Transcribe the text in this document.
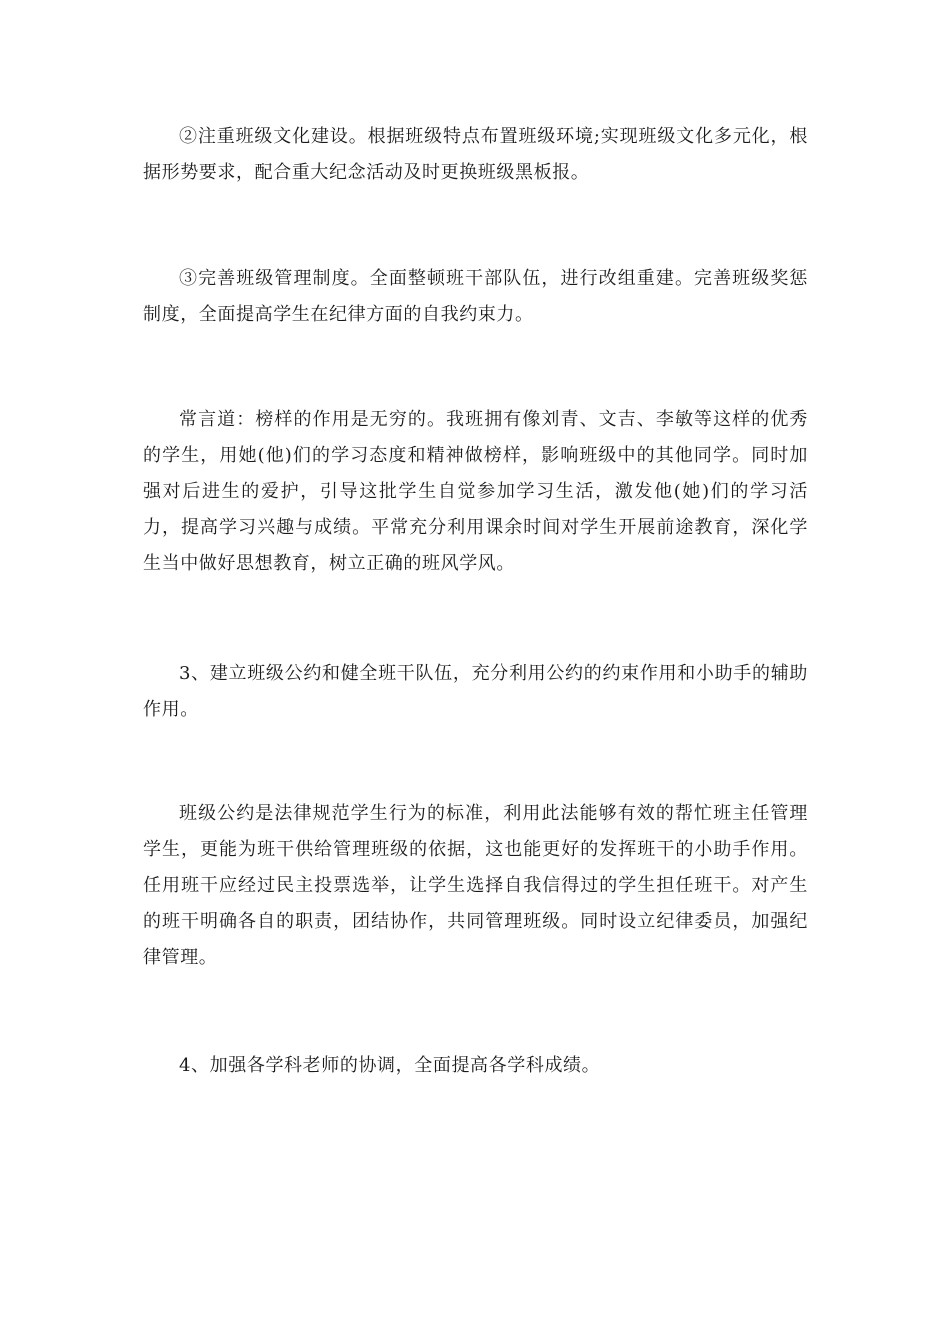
②注重班级文化建设。根据班级特点布置班级环境;实现班级文化多元化，根据形势要求，配合重大纪念活动及时更换班级黑板报。

③完善班级管理制度。全面整顿班干部队伍，进行改组重建。完善班级奖惩制度，全面提高学生在纪律方面的自我约束力。

常言道：榜样的作用是无穷的。我班拥有像刘青、文吉、李敏等这样的优秀的学生，用她(他)们的学习态度和精神做榜样，影响班级中的其他同学。同时加强对后进生的爱护，引导这批学生自觉参加学习生活，激发他(她)们的学习活力，提高学习兴趣与成绩。平常充分利用课余时间对学生开展前途教育，深化学生当中做好思想教育，树立正确的班风学风。

3、建立班级公约和健全班干队伍，充分利用公约的约束作用和小助手的辅助作用。

班级公约是法律规范学生行为的标准，利用此法能够有效的帮忙班主任管理学生，更能为班干供给管理班级的依据，这也能更好的发挥班干的小助手作用。任用班干应经过民主投票选举，让学生选择自我信得过的学生担任班干。对产生的班干明确各自的职责，团结协作，共同管理班级。同时设立纪律委员，加强纪律管理。

4、加强各学科老师的协调，全面提高各学科成绩。
